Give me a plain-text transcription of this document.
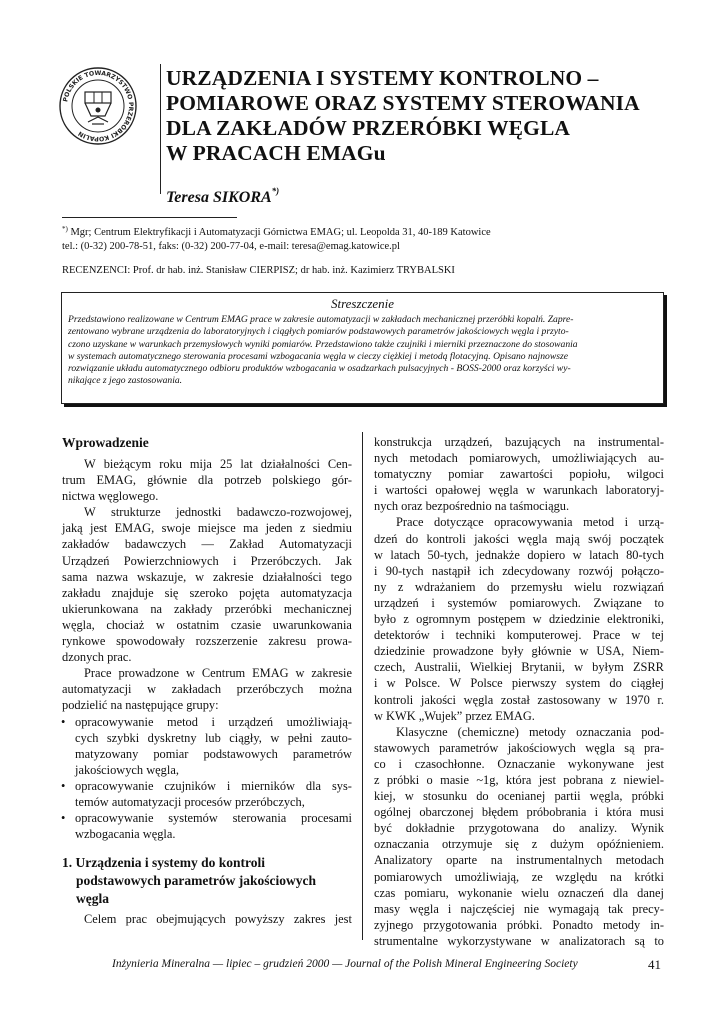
POLSKIE TOWARZYSTWO PRZERÓBKI KOPALIN
URZĄDZENIA I SYSTEMY KONTROLNO –
POMIAROWE ORAZ SYSTEMY STEROWANIA
DLA ZAKŁADÓW PRZERÓBKI WĘGLA
W PRACACH EMAGu
Teresa SIKORA*)
*) Mgr; Centrum Elektryfikacji i Automatyzacji Górnictwa EMAG; ul. Leopolda 31, 40-189 Katowice
tel.: (0-32) 200-78-51, faks: (0-32) 200-77-04, e-mail: teresa@emag.katowice.pl
RECENZENCI: Prof. dr hab. inż. Stanisław CIERPISZ; dr hab. inż. Kazimierz TRYBALSKI
Streszczenie
Przedstawiono realizowane w Centrum EMAG prace w zakresie automatyzacji w zakładach mechanicznej przeróbki kopalń. Zapre-
zentowano wybrane urządzenia do laboratoryjnych i ciągłych pomiarów podstawowych parametrów jakościowych węgla i przyto-
czono uzyskane w warunkach przemysłowych wyniki pomiarów. Przedstawiono także czujniki i mierniki przeznaczone do stosowania
w systemach automatycznego sterowania procesami wzbogacania węgla w cieczy ciężkiej i metodą flotacyjną. Opisano najnowsze
rozwiązanie układu automatycznego odbioru produktów wzbogacania w osadzarkach pulsacyjnych - BOSS-2000 oraz korzyści wy-
nikające z jego zastosowania.
Wprowadzenie
W bieżącym roku mija 25 lat działalności Cen-
trum EMAG, głównie dla potrzeb polskiego gór-
nictwa węglowego.
W strukturze jednostki badawczo-rozwojowej,
jaką jest EMAG, swoje miejsce ma jeden z siedmiu
zakładów badawczych — Zakład Automatyzacji
Urządzeń Powierzchniowych i Przeróbczych. Jak
sama nazwa wskazuje, w zakresie działalności tego
zakładu znajduje się szeroko pojęta automatyzacja
ukierunkowana na zakłady przeróbki mechanicznej
węgla, chociaż w ostatnim czasie uwarunkowania
rynkowe spowodowały rozszerzenie zakresu prowa-
dzonych prac.
Prace prowadzone w Centrum EMAG w zakresie
automatyzacji w zakładach przeróbczych można
podzielić na następujące grupy:
• opracowywanie metod i urządzeń umożliwiają-
cych szybki dyskretny lub ciągły, w pełni zauto-
matyzowany pomiar podstawowych parametrów
jakościowych węgla,
• opracowywanie czujników i mierników dla sys-
temów automatyzacji procesów przeróbczych,
• opracowywanie systemów sterowania procesami
wzbogacania węgla.
1. Urządzenia i systemy do kontroli
podstawowych parametrów jakościowych
węgla
Celem prac obejmujących powyższy zakres jest
konstrukcja urządzeń, bazujących na instrumental-
nych metodach pomiarowych, umożliwiających au-
tomatyczny pomiar zawartości popiołu, wilgoci
i wartości opałowej węgla w warunkach laboratoryj-
nych oraz bezpośrednio na taśmociągu.
Prace dotyczące opracowywania metod i urzą-
dzeń do kontroli jakości węgla mają swój początek
w latach 50-tych, jednakże dopiero w latach 80-tych
i 90-tych nastąpił ich zdecydowany rozwój połączo-
ny z wdrażaniem do przemysłu wielu rozwiązań
urządzeń i systemów pomiarowych. Związane to
było z ogromnym postępem w dziedzinie elektroniki,
detektorów i techniki komputerowej. Prace w tej
dziedzinie prowadzone były głównie w USA, Niem-
czech, Australii, Wielkiej Brytanii, w byłym ZSRR
i w Polsce. W Polsce pierwszy system do ciągłej
kontroli jakości węgla został zastosowany w 1970 r.
w KWK „Wujek” przez EMAG.
Klasyczne (chemiczne) metody oznaczania pod-
stawowych parametrów jakościowych węgla są pra-
co i czasochłonne. Oznaczanie wykonywane jest
z próbki o masie ~1g, która jest pobrana z niewiel-
kiej, w stosunku do ocenianej partii węgla, próbki
ogólnej obarczonej błędem próbobrania i która musi
być dokładnie przygotowana do analizy. Wynik
oznaczania otrzymuje się z dużym opóźnieniem.
Analizatory oparte na instrumentalnych metodach
pomiarowych umożliwiają, ze względu na krótki
czas pomiaru, wykonanie wielu oznaczeń dla danej
masy węgla i najczęściej nie wymagają tak precy-
zyjnego przygotowania próbki. Ponadto metody in-
strumentalne wykorzystywane w analizatorach są to
Inżynieria Mineralna — lipiec – grudzień 2000 — Journal of the Polish Mineral Engineering Society	41
